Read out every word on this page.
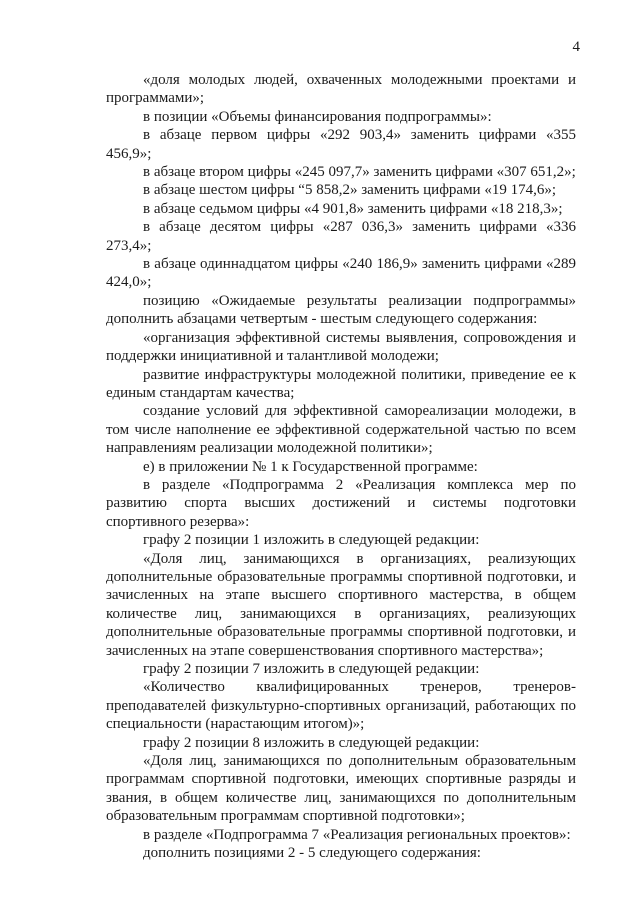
4

«доля молодых людей, охваченных молодежными проектами и программами»;

в позиции «Объемы финансирования подпрограммы»:

в абзаце первом цифры «292 903,4» заменить цифрами «355 456,9»;

в абзаце втором цифры «245 097,7» заменить цифрами «307 651,2»;

в абзаце шестом цифры “5 858,2» заменить цифрами «19 174,6»;

в абзаце седьмом цифры «4 901,8» заменить цифрами «18 218,3»;

в абзаце десятом цифры «287 036,3» заменить цифрами «336 273,4»;

в абзаце одиннадцатом цифры «240 186,9» заменить цифрами «289 424,0»;

позицию «Ожидаемые результаты реализации подпрограммы» дополнить абзацами четвертым - шестым следующего содержания:

«организация эффективной системы выявления, сопровождения и поддержки инициативной и талантливой молодежи;

развитие инфраструктуры молодежной политики, приведение ее к единым стандартам качества;

создание условий для эффективной самореализации молодежи, в том числе наполнение ее эффективной содержательной частью по всем направлениям реализации молодежной политики»;

е) в приложении № 1 к Государственной программе:

в разделе «Подпрограмма 2 «Реализация комплекса мер по развитию спорта высших достижений и системы подготовки спортивного резерва»:

графу 2 позиции 1 изложить в следующей редакции:

«Доля лиц, занимающихся в организациях, реализующих дополнительные образовательные программы спортивной подготовки, и зачисленных на этапе высшего спортивного мастерства, в общем количестве лиц, занимающихся в организациях, реализующих дополнительные образовательные программы спортивной подготовки, и зачисленных на этапе совершенствования спортивного мастерства»;

графу 2 позиции 7 изложить в следующей редакции:

«Количество квалифицированных тренеров, тренеров-преподавателей физкультурно-спортивных организаций, работающих по специальности (нарастающим итогом)»;

графу 2 позиции 8 изложить в следующей редакции:

«Доля лиц, занимающихся по дополнительным образовательным программам спортивной подготовки, имеющих спортивные разряды и звания, в общем количестве лиц, занимающихся по дополнительным образовательным программам спортивной подготовки»;

в разделе «Подпрограмма 7 «Реализация региональных проектов»:

дополнить позициями 2 - 5 следующего содержания:
